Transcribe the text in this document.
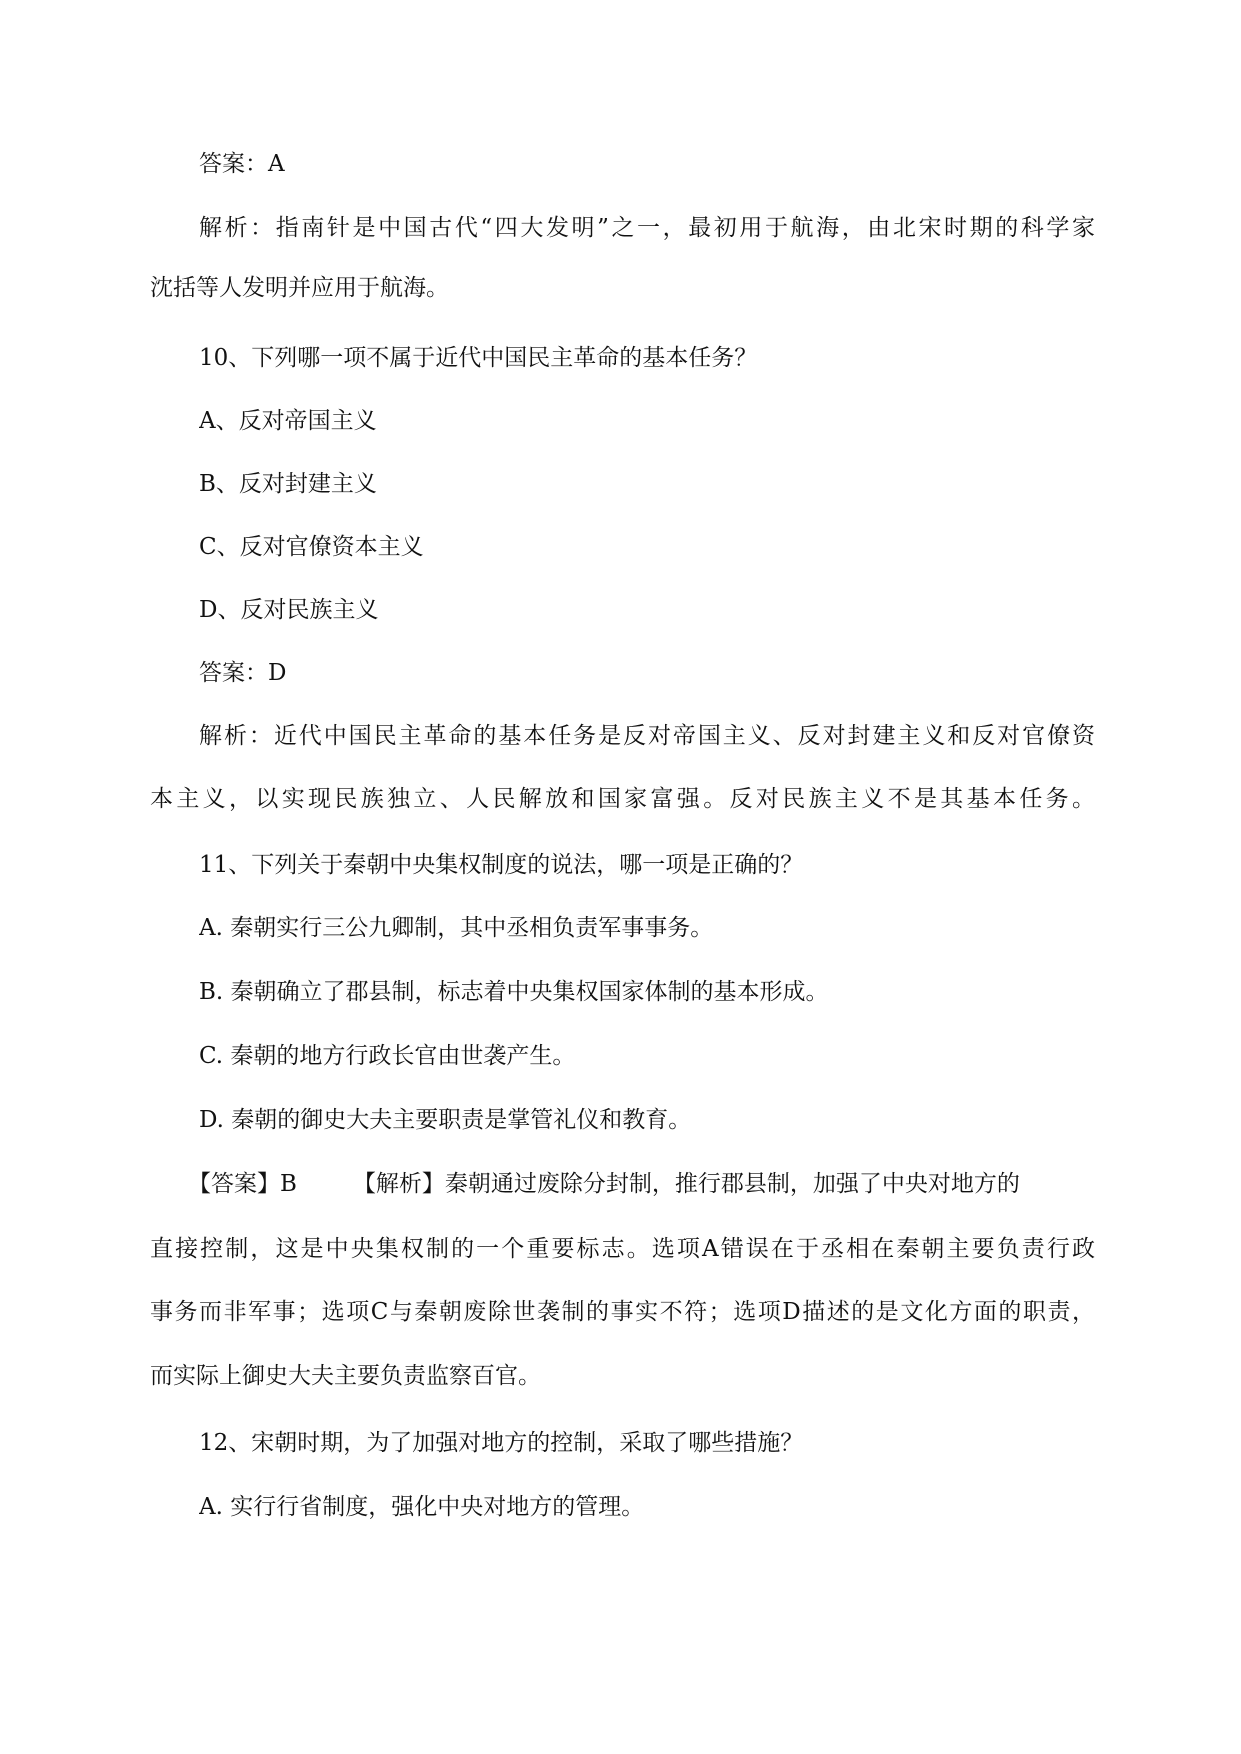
答案：A
解析：指南针是中国古代“四大发明”之一，最初用于航海，由北宋时期的科学家
沈括等人发明并应用于航海。
10、下列哪一项不属于近代中国民主革命的基本任务？
A、反对帝国主义
B、反对封建主义
C、反对官僚资本主义
D、反对民族主义
答案：D
解析：近代中国民主革命的基本任务是反对帝国主义、反对封建主义和反对官僚资
本主义，以实现民族独立、人民解放和国家富强。反对民族主义不是其基本任务。
11、下列关于秦朝中央集权制度的说法，哪一项是正确的？
A. 秦朝实行三公九卿制，其中丞相负责军事事务。
B. 秦朝确立了郡县制，标志着中央集权国家体制的基本形成。
C. 秦朝的地方行政长官由世袭产生。
D. 秦朝的御史大夫主要职责是掌管礼仪和教育。
【答案】B 【解析】秦朝通过废除分封制，推行郡县制，加强了中央对地方的
直接控制，这是中央集权制的一个重要标志。选项A错误在于丞相在秦朝主要负责行政
事务而非军事；选项C与秦朝废除世袭制的事实不符；选项D描述的是文化方面的职责，
而实际上御史大夫主要负责监察百官。
12、宋朝时期，为了加强对地方的控制，采取了哪些措施？
A. 实行行省制度，强化中央对地方的管理。
